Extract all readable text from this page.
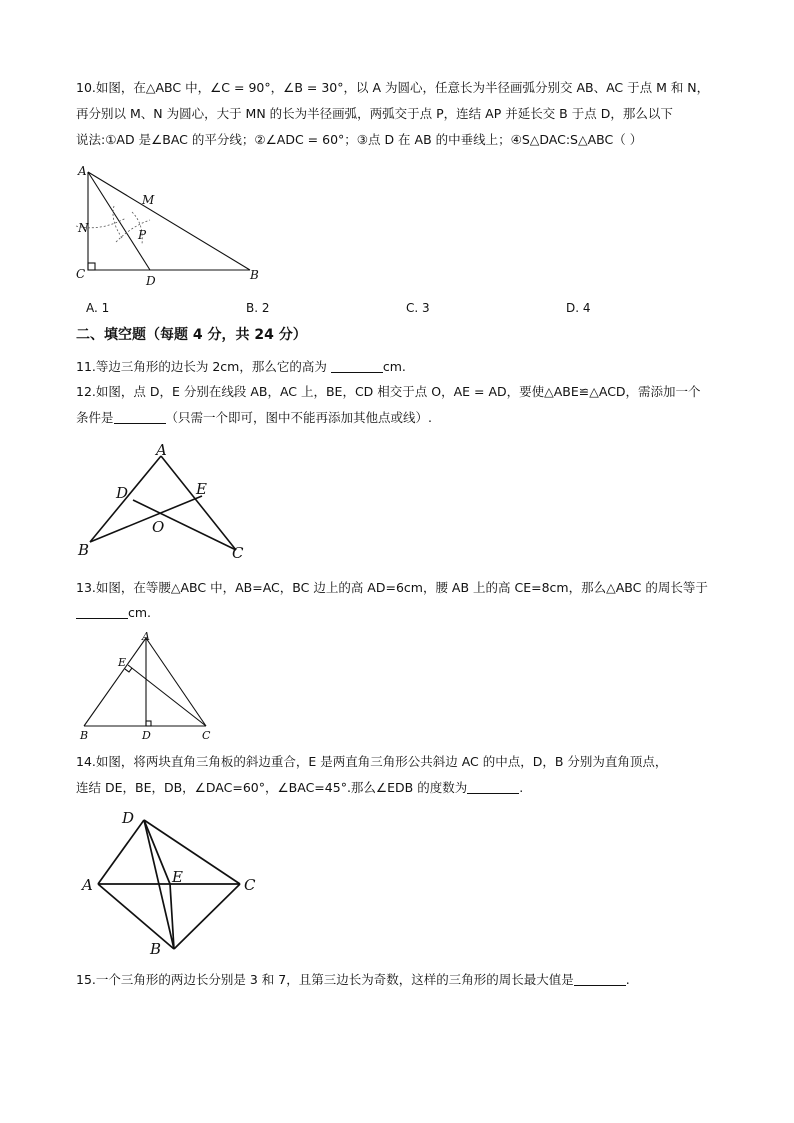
10.如图，在△ABC 中，∠C = 90°，∠B = 30°，以 A 为圆心，任意长为半径画弧分别交 AB、AC 于点 M 和 N，
再分别以 M、N 为圆心，大于 MN 的长为半径画弧，两弧交于点 P，连结 AP 并延长交 B 于点 D，那么以下
说法:①AD 是∠BAC 的平分线；②∠ADC = 60°；③点 D 在 AB 的中垂线上；④S△DAC:S△ABC（ ）
A
M
N	P
C	D	B
A. 1	B. 2	C. 3	D. 4
二、填空题（每题 4 分，共 24 分）
11.等边三角形的边长为 2cm，那么它的高为	cm.
12.如图，点 D，E 分别在线段 AB，AC 上，BE，CD 相交于点 O，AE = AD，要使△ABE≌△ACD，需添加一个
条件是	（只需一个即可，图中不能再添加其他点或线）.
A
D	E
O
B	C
13.如图，在等腰△ABC 中，AB=AC，BC 边上的高 AD=6cm，腰 AB 上的高 CE=8cm，那么△ABC 的周长等于
cm.
A
E
B	D	C
14.如图，将两块直角三角板的斜边重合，E 是两直角三角形公共斜边 AC 的中点，D，B 分别为直角顶点，
连结 DE，BE，DB，∠DAC=60°，∠BAC=45°.那么∠EDB 的度数为	.
D
A	E	C
B
15.一个三角形的两边长分别是 3 和 7，且第三边长为奇数，这样的三角形的周长最大值是	.
